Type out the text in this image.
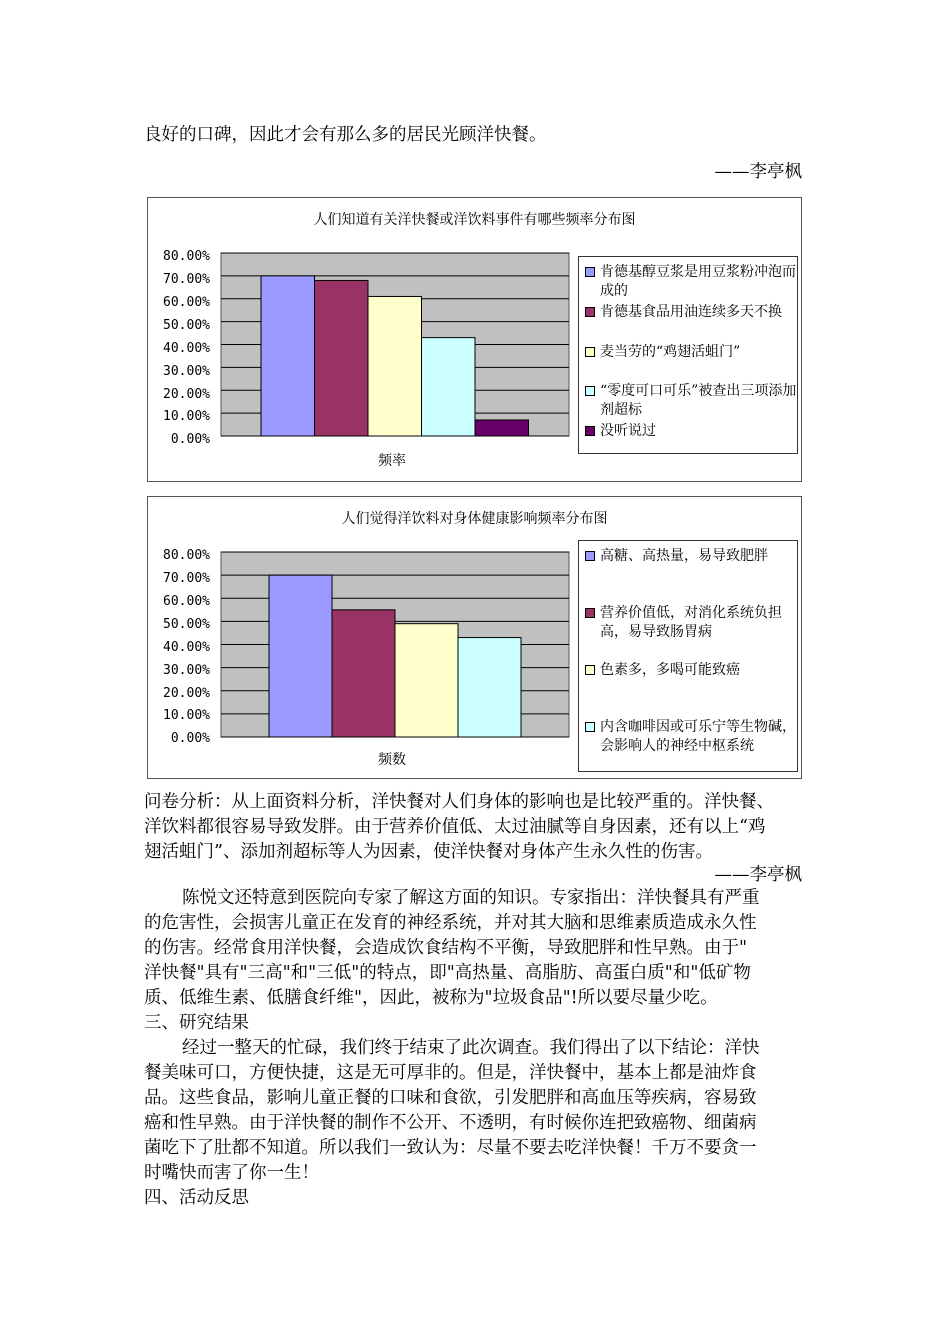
良好的口碑，因此才会有那么多的居民光顾洋快餐。
——李亭枫
人们知道有关洋快餐或洋饮料事件有哪些频率分布图
80.00%
70.00%
60.00%
50.00%
40.00%
30.00%
20.00%
10.00%
0.00%
频率
肯德基醇豆浆是用豆浆粉冲泡而成的
肯德基食品用油连续多天不换
麦当劳的“鸡翅活蛆门”
“零度可口可乐”被查出三项添加剂超标
没听说过
人们觉得洋饮料对身体健康影响频率分布图
80.00%
70.00%
60.00%
50.00%
40.00%
30.00%
20.00%
10.00%
0.00%
频数
高糖、高热量，易导致肥胖
营养价值低，对消化系统负担高，易导致肠胃病
色素多，多喝可能致癌
内含咖啡因或可乐宁等生物碱，会影响人的神经中枢系统
问卷分析：从上面资料分析，洋快餐对人们身体的影响也是比较严重的。洋快餐、
洋饮料都很容易导致发胖。由于营养价值低、太过油腻等自身因素，还有以上“鸡
翅活蛆门”、添加剂超标等人为因素，使洋快餐对身体产生永久性的伤害。
——李亭枫
陈悦文还特意到医院向专家了解这方面的知识。专家指出：洋快餐具有严重
的危害性，会损害儿童正在发育的神经系统，并对其大脑和思维素质造成永久性
的伤害。经常食用洋快餐，会造成饮食结构不平衡，导致肥胖和性早熟。由于"
洋快餐"具有"三高"和"三低"的特点，即"高热量、高脂肪、高蛋白质"和"低矿物
质、低维生素、低膳食纤维"，因此，被称为"垃圾食品"!所以要尽量少吃。
三、研究结果
经过一整天的忙碌，我们终于结束了此次调查。我们得出了以下结论：洋快
餐美味可口，方便快捷，这是无可厚非的。但是，洋快餐中，基本上都是油炸食
品。这些食品，影响儿童正餐的口味和食欲，引发肥胖和高血压等疾病，容易致
癌和性早熟。由于洋快餐的制作不公开、不透明，有时候你连把致癌物、细菌病
菌吃下了肚都不知道。所以我们一致认为：尽量不要去吃洋快餐！千万不要贪一
时嘴快而害了你一生！
四、活动反思
